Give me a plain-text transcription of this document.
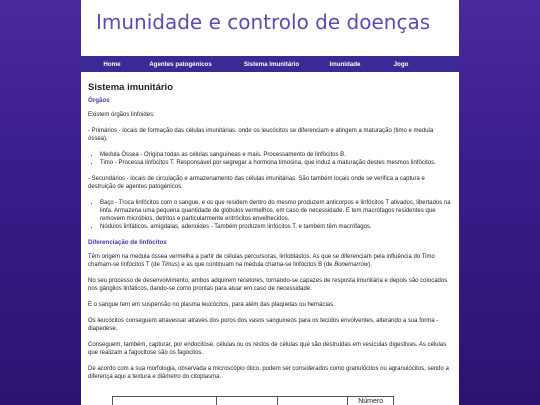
Imunidade e controlo de doenças
Home	Agentes patogénicos	Sistema Imunitário	Imunidade	Jogo
Sistema imunitário
Órgãos

Existem órgãos linfoides:

- Primários - locais de formação das células imunitárias, onde os leucócitos se diferenciam e atingem a maturação (timo e medula óssea).

• Medula Óssea - Origina todas as células sanguíneas e mais. Processamento de linfócitos B.
• Timo - Processa linfócitos T. Responsável por segregar a hormona timosina, que induz a maturação destes mesmos linfócitos.

- Secundários - locais de circulação e armazenamento das células imunitárias. São também locais onde se verifica a captura e destruição de agentes patogénicos.

• Baço - Troca linfócitos com o sangue, e os que residem dentro do mesmo produzem anticorpos e linfócitos T ativados, libertados na linfa. Armazena uma pequena quantidade de glóbulos vermelhos, em caso de necessidade. E tem macrófagos residentes que removem micróbios, detritos e particularmente eritrócitos envelhecidos.
• Nódulos linfáticos, amígdalas, adenoides - Também produzem linfócitos T, e também têm macrófagos.
Diferenciação de linfócitos

Têm origem na medula óssea vermelha a partir de células percursoras, linfoblastos. As que se diferenciam pela influência do Timo chamam-se linfócitos T (de Timus) e as que continuam na medula chama-se linfócitos B (de Bonemarrow).

No seu processo de desenvolvimento, ambos adquirem recetores, tornando-se capazes de resposta imunitária e depois são colocados nos gânglios linfáticos, dando-se como prontas para atuar em caso de necessidade.

E o sangue tem em suspensão no plasma leucócitos, para além das plaquetas ou hemácias.

Os leucócitos conseguem atravessar através dos poros dos vasos sanguineos para os tecidos envolventes, alterando a sua forma - diapedese.

Conseguem, também, capturar, por endocitose, células ou os restos de células que são destruídas em vesículas digestivas. As células que realizam a fagocitose são os fagócitos.

De acordo com a sua morfologia, observada a microscópio ótico, podem ser considerados como granulócitos ou agranulócitos, sendo a diferença aqui a textura e diâmetro do citoplasma.

Número
